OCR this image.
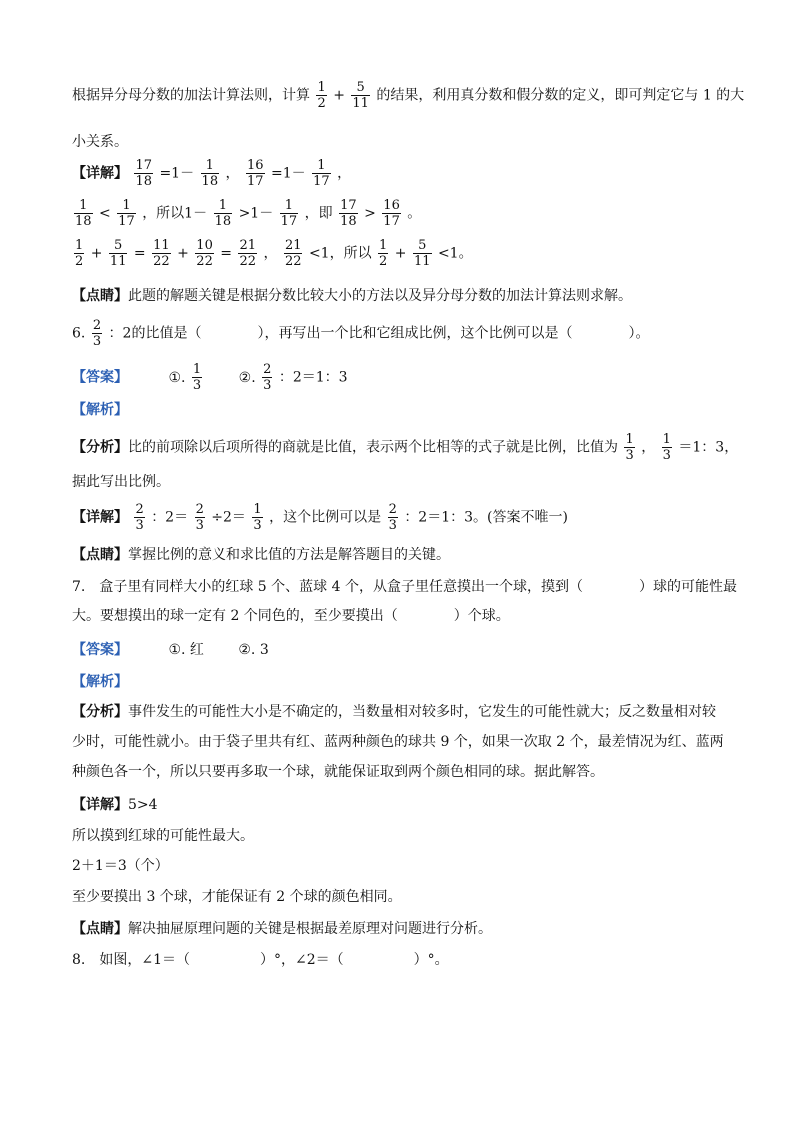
根据异分母分数的加法计算法则，计算 $\frac{1}{2} + \frac{5}{11}$ 的结果，利用真分数和假分数的定义，即可判定它与 1 的大
小关系。
【详解】 $\frac{17}{18} =1- \frac{1}{18}$ ， $\frac{16}{17} =1- \frac{1}{17}$ ，
$\frac{1}{18} < \frac{1}{17}$ ，所以$1- \frac{1}{18} >1- \frac{1}{17}$ ，即 $\frac{17}{18} > \frac{16}{17}$ 。
$\frac{1}{2} + \frac{5}{11} = \frac{11}{22} + \frac{10}{22} = \frac{21}{22}$ ， $\frac{21}{22} <1$，所以 $\frac{1}{2} + \frac{5}{11} <1$。
【点睛】此题的解题关键是根据分数比较大小的方法以及异分母分数的加法计算法则求解。
6. $\frac{2}{3}$ ：2的比值是（　　　　），再写出一个比和它组成比例，这个比例可以是（　　　　）。
【答案】	①. $\frac{1}{3}$	②. $\frac{2}{3}$ ：2＝1：3
【解析】
【分析】比的前项除以后项所得的商就是比值，表示两个比相等的式子就是比例，比值为 $\frac{1}{3}$ ， $\frac{1}{3} =1$：3，
据此写出比例。
【详解】 $\frac{2}{3}$ ：$2= \frac{2}{3} \div 2= \frac{1}{3}$ ，这个比例可以是 $\frac{2}{3}$ ：2＝1：3。(答案不唯一)
【点睛】掌握比例的意义和求比值的方法是解答题目的关键。
7.　盒子里有同样大小的红球 5 个、蓝球 4 个，从盒子里任意摸出一个球，摸到（　　　　）球的可能性最
大。要想摸出的球一定有 2 个同色的，至少要摸出（　　　　）个球。
【答案】	①. 红 ②. 3
【解析】
【分析】事件发生的可能性大小是不确定的，当数量相对较多时，它发生的可能性就大；反之数量相对较
少时，可能性就小。由于袋子里共有红、蓝两种颜色的球共 9 个，如果一次取 2 个，最差情况为红、蓝两
种颜色各一个，所以只要再多取一个球，就能保证取到两个颜色相同的球。据此解答。
【详解】5>4
所以摸到红球的可能性最大。
2＋1＝3（个）
至少要摸出 3 个球，才能保证有 2 个球的颜色相同。
【点睛】解决抽屉原理问题的关键是根据最差原理对问题进行分析。
8.　如图，∠1＝（　　　　　）°，∠2＝（　　　　　）°。
